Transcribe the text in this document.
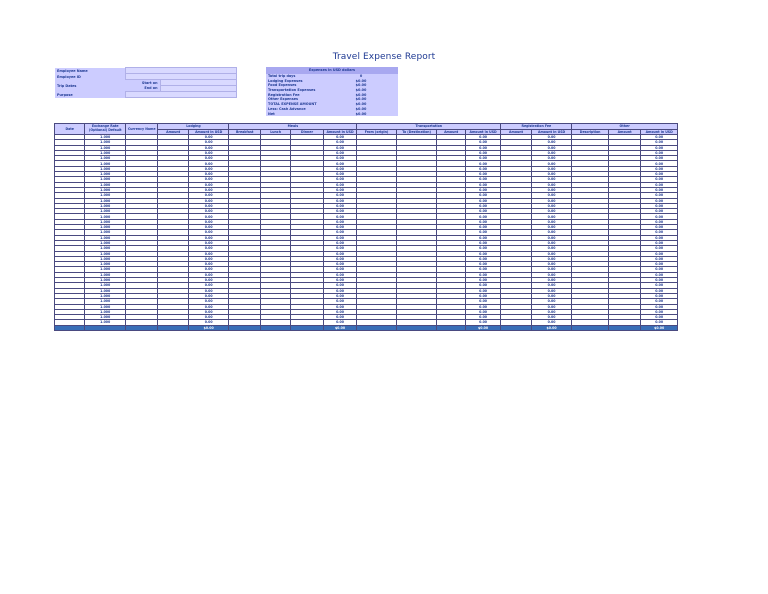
Travel Expense Report
Employee Name		
Employee ID		
Trip Dates	Start on	
	End on	
Purpose		
Expenses in USD dollars	
Total trip days	0
Lodging Expenses	$0.00
Food Expenses	$0.00
Transportation Expenses	$0.00
Registration Fee	$0.00
Other Expenses	$0.00
TOTAL EXPENSE AMOUNT	$0.00
Less: Cash Advance	$0.00
Net	$0.00
Date	Exchange Rate (Optional) Default	Currency Name	Lodging		Meals				Transportation				Registration Fee		Other		
			Amount	Amount in USD	Breakfast	Lunch	Dinner	Amount in USD	From (origin)	To (Destination)	Amount	Amount in USD	Amount	Amount in USD	Description	Amount	Amount in USD
	1.000			0.00				0.00				0.00		0.00			0.00
	1.000			0.00				0.00				0.00		0.00			0.00
	1.000			0.00				0.00				0.00		0.00			0.00
	1.000			0.00				0.00				0.00		0.00			0.00
	1.000			0.00				0.00				0.00		0.00			0.00
	1.000			0.00				0.00				0.00		0.00			0.00
	1.000			0.00				0.00				0.00		0.00			0.00
	1.000			0.00				0.00				0.00		0.00			0.00
	1.000			0.00				0.00				0.00		0.00			0.00
	1.000			0.00				0.00				0.00		0.00			0.00
	1.000			0.00				0.00				0.00		0.00			0.00
	1.000			0.00				0.00				0.00		0.00			0.00
	1.000			0.00				0.00				0.00		0.00			0.00
	1.000			0.00				0.00				0.00		0.00			0.00
	1.000			0.00				0.00				0.00		0.00			0.00
	1.000			0.00				0.00				0.00		0.00			0.00
	1.000			0.00				0.00				0.00		0.00			0.00
	1.000			0.00				0.00				0.00		0.00			0.00
	1.000			0.00				0.00				0.00		0.00			0.00
	1.000			0.00				0.00				0.00		0.00			0.00
	1.000			0.00				0.00				0.00		0.00			0.00
	1.000			0.00				0.00				0.00		0.00			0.00
	1.000			0.00				0.00				0.00		0.00			0.00
	1.000			0.00				0.00				0.00		0.00			0.00
	1.000			0.00				0.00				0.00		0.00			0.00
	1.000			0.00				0.00				0.00		0.00			0.00
	1.000			0.00				0.00				0.00		0.00			0.00
	1.000			0.00				0.00				0.00		0.00			0.00
	1.000			0.00				0.00				0.00		0.00			0.00
	1.000			0.00				0.00				0.00		0.00			0.00
	1.000			0.00				0.00				0.00		0.00			0.00
	1.000			0.00				0.00				0.00		0.00			0.00
	1.000			0.00				0.00				0.00		0.00			0.00
	1.000			0.00				0.00				0.00		0.00			0.00
	1.000			0.00				0.00				0.00		0.00			0.00
	1.000			0.00				0.00				0.00		0.00			0.00
				$0.00				$0.00				$0.00		$0.00			$0.00
